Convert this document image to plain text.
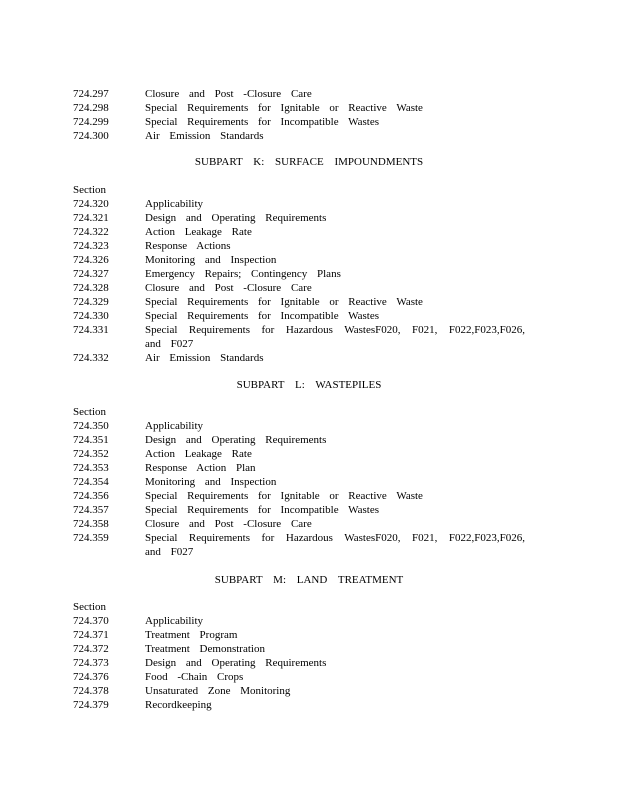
724.297	Closure and Post -Closure Care
724.298	Special Requirements for Ignitable or Reactive Waste
724.299	Special Requirements for Incompatible Wastes
724.300	Air Emission Standards
SUBPART K: SURFACE IMPOUNDMENTS
Section
724.320	Applicability
724.321	Design and Operating Requirements
724.322	Action Leakage Rate
724.323	Response Actions
724.326	Monitoring and Inspection
724.327	Emergency Repairs; Contingency Plans
724.328	Closure and Post -Closure Care
724.329	Special Requirements for Ignitable or Reactive Waste
724.330	Special Requirements for Incompatible Wastes
724.331	Special Requirements for Hazardous WastesF020, F021, F022,F023,F026, and F027
724.332	Air Emission Standards
SUBPART L: WASTEPILES
Section
724.350	Applicability
724.351	Design and Operating Requirements
724.352	Action Leakage Rate
724.353	Response Action Plan
724.354	Monitoring and Inspection
724.356	Special Requirements for Ignitable or Reactive Waste
724.357	Special Requirements for Incompatible Wastes
724.358	Closure and Post -Closure Care
724.359	Special Requirements for Hazardous WastesF020, F021, F022,F023,F026, and F027
SUBPART M: LAND TREATMENT
Section
724.370	Applicability
724.371	Treatment Program
724.372	Treatment Demonstration
724.373	Design and Operating Requirements
724.376	Food -Chain Crops
724.378	Unsaturated Zone Monitoring
724.379	Recordkeeping
